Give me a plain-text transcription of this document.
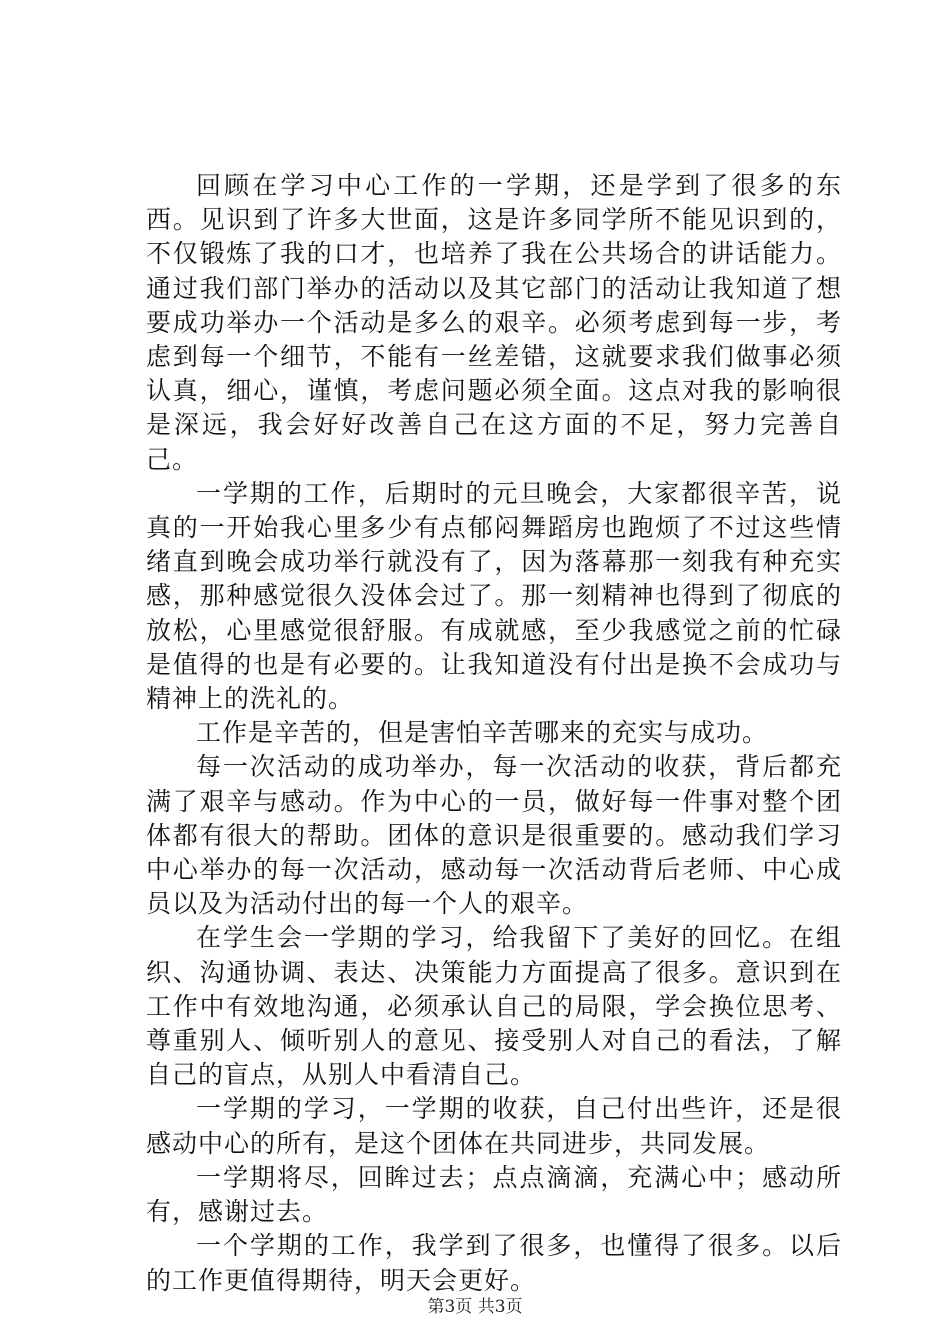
回顾在学习中心工作的一学期，还是学到了很多的东西。见识到了许多大世面，这是许多同学所不能见识到的，不仅锻炼了我的口才，也培养了我在公共场合的讲话能力。通过我们部门举办的活动以及其它部门的活动让我知道了想要成功举办一个活动是多么的艰辛。必须考虑到每一步，考虑到每一个细节，不能有一丝差错，这就要求我们做事必须认真，细心，谨慎，考虑问题必须全面。这点对我的影响很是深远，我会好好改善自己在这方面的不足，努力完善自己。

一学期的工作，后期时的元旦晚会，大家都很辛苦，说真的一开始我心里多少有点郁闷舞蹈房也跑烦了不过这些情绪直到晚会成功举行就没有了，因为落幕那一刻我有种充实感，那种感觉很久没体会过了。那一刻精神也得到了彻底的放松，心里感觉很舒服。有成就感，至少我感觉之前的忙碌是值得的也是有必要的。让我知道没有付出是换不会成功与精神上的洗礼的。

工作是辛苦的，但是害怕辛苦哪来的充实与成功。

每一次活动的成功举办，每一次活动的收获，背后都充满了艰辛与感动。作为中心的一员，做好每一件事对整个团体都有很大的帮助。团体的意识是很重要的。感动我们学习中心举办的每一次活动，感动每一次活动背后老师、中心成员以及为活动付出的每一个人的艰辛。

在学生会一学期的学习，给我留下了美好的回忆。在组织、沟通协调、表达、决策能力方面提高了很多。意识到在工作中有效地沟通，必须承认自己的局限，学会换位思考、尊重别人、倾听别人的意见、接受别人对自己的看法，了解自己的盲点，从别人中看清自己。

一学期的学习，一学期的收获，自己付出些许，还是很感动中心的所有，是这个团体在共同进步，共同发展。

一学期将尽，回眸过去；点点滴滴，充满心中；感动所有，感谢过去。

一个学期的工作，我学到了很多，也懂得了很多。以后的工作更值得期待，明天会更好。

第3页 共3页
